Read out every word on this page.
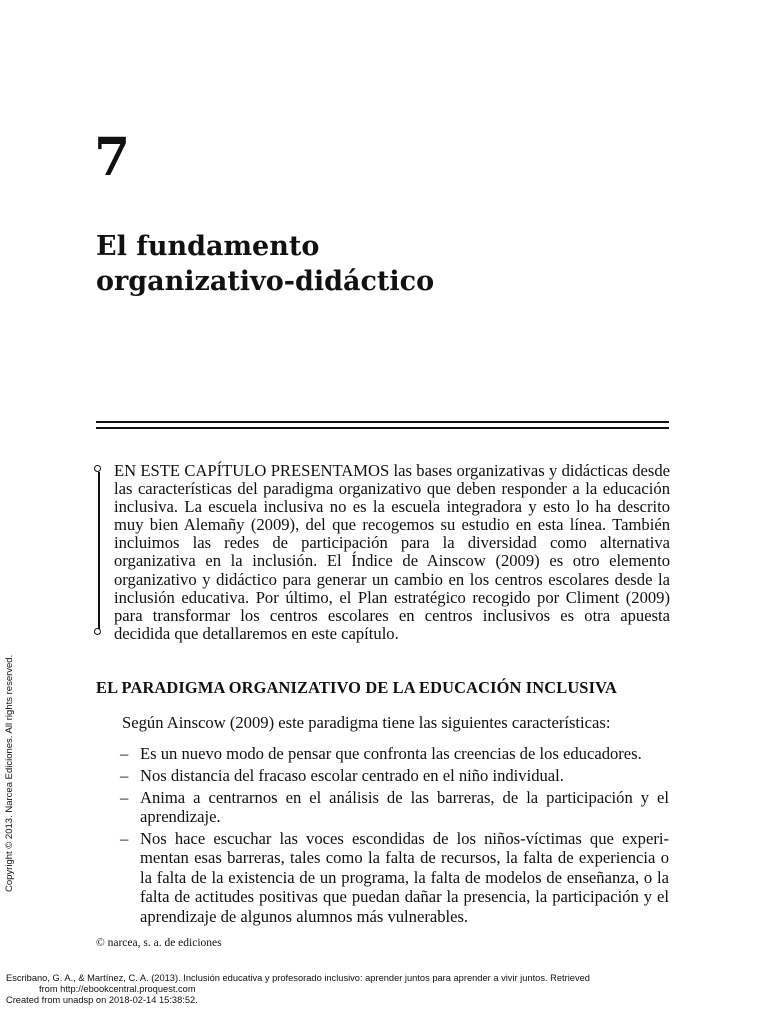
7
El fundamento
organizativo-didáctico

EN ESTE CAPÍTULO PRESENTAMOS las bases organizativas y didácticas desde las características del paradigma organizativo que deben responder a la educación inclusiva. La escuela inclusiva no es la escuela integradora y esto lo ha descrito muy bien Alemañy (2009), del que recogemos su estudio en esta línea. También incluimos las redes de participación para la diversidad como alternativa organizativa en la inclusión. El Índice de Ainscow (2009) es otro elemento organizativo y didáctico para generar un cambio en los centros escolares desde la inclusión educativa. Por último, el Plan estratégico recogido por Climent (2009) para transformar los centros escolares en centros inclusivos es otra apuesta decidida que detallaremos en este capítulo.

EL PARADIGMA ORGANIZATIVO DE LA EDUCACIÓN INCLUSIVA

Según Ainscow (2009) este paradigma tiene las siguientes características:

– Es un nuevo modo de pensar que confronta las creencias de los educadores.
– Nos distancia del fracaso escolar centrado en el niño individual.
– Anima a centrarnos en el análisis de las barreras, de la participación y el aprendizaje.
– Nos hace escuchar las voces escondidas de los niños-víctimas que experimentan esas barreras, tales como la falta de recursos, la falta de experiencia o la falta de la existencia de un programa, la falta de modelos de enseñanza, o la falta de actitudes positivas que puedan dañar la presencia, la participación y el aprendizaje de algunos alumnos más vulnerables.

© narcea, s. a. de ediciones

Copyright © 2013. Narcea Ediciones. All rights reserved.
Escribano, G. A., & Martínez, C. A. (2013). Inclusión educativa y profesorado inclusivo: aprender juntos para aprender a vivir juntos. Retrieved
from http://ebookcentral.proquest.com
Created from unadsp on 2018-02-14 15:38:52.
